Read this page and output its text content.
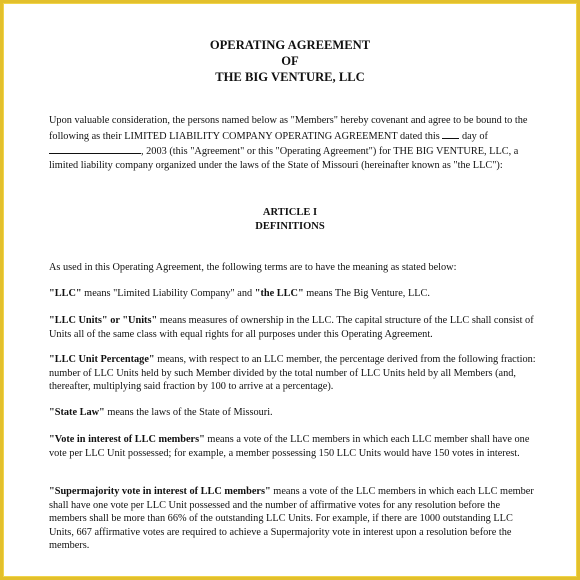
OPERATING AGREEMENT
OF
THE BIG VENTURE, LLC
Upon valuable consideration, the persons named below as "Members" hereby covenant and agree to be bound to the following as their LIMITED LIABILITY COMPANY OPERATING AGREEMENT dated this day of , 2003 (this "Agreement" or this "Operating Agreement") for THE BIG VENTURE, LLC, a limited liability company organized under the laws of the State of Missouri (hereinafter known as "the LLC"):
ARTICLE I
DEFINITIONS
As used in this Operating Agreement, the following terms are to have the meaning as stated below:
"LLC" means "Limited Liability Company" and "the LLC" means The Big Venture, LLC.
"LLC Units" or "Units" means measures of ownership in the LLC. The capital structure of the LLC shall consist of Units all of the same class with equal rights for all purposes under this Operating Agreement.
"LLC Unit Percentage" means, with respect to an LLC member, the percentage derived from the following fraction: number of LLC Units held by such Member divided by the total number of LLC Units held by all Members (and, thereafter, multiplying said fraction by 100 to arrive at a percentage).
"State Law" means the laws of the State of Missouri.
"Vote in interest of LLC members" means a vote of the LLC members in which each LLC member shall have one vote per LLC Unit possessed; for example, a member possessing 150 LLC Units would have 150 votes in interest.
"Supermajority vote in interest of LLC members" means a vote of the LLC members in which each LLC member shall have one vote per LLC Unit possessed and the number of affirmative votes for any resolution before the members shall be more than 66% of the outstanding LLC Units. For example, if there are 1000 outstanding LLC Units, 667 affirmative votes are required to achieve a Supermajority vote in interest upon a resolution before the members.
